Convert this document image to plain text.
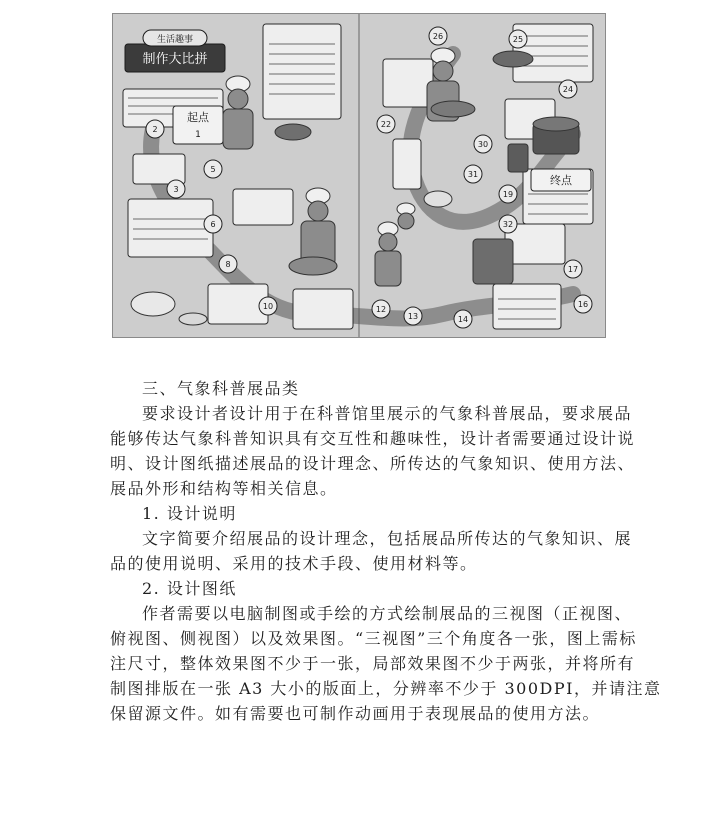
生活趣事
制作大比拼
起点
1
终点
2
3
5
6
8
10	12
13	14
16
17
19
22
24
25
26
30
31
32
三、气象科普展品类
要求设计者设计用于在科普馆里展示的气象科普展品，要求展品
能够传达气象科普知识具有交互性和趣味性，设计者需要通过设计说
明、设计图纸描述展品的设计理念、所传达的气象知识、使用方法、
展品外形和结构等相关信息。
1. 设计说明
文字简要介绍展品的设计理念，包括展品所传达的气象知识、展
品的使用说明、采用的技术手段、使用材料等。
2. 设计图纸
作者需要以电脑制图或手绘的方式绘制展品的三视图（正视图、
俯视图、侧视图）以及效果图。“三视图”三个角度各一张，图上需标
注尺寸，整体效果图不少于一张，局部效果图不少于两张，并将所有
制图排版在一张 A3 大小的版面上，分辨率不少于 300DPI，并请注意
保留源文件。如有需要也可制作动画用于表现展品的使用方法。
